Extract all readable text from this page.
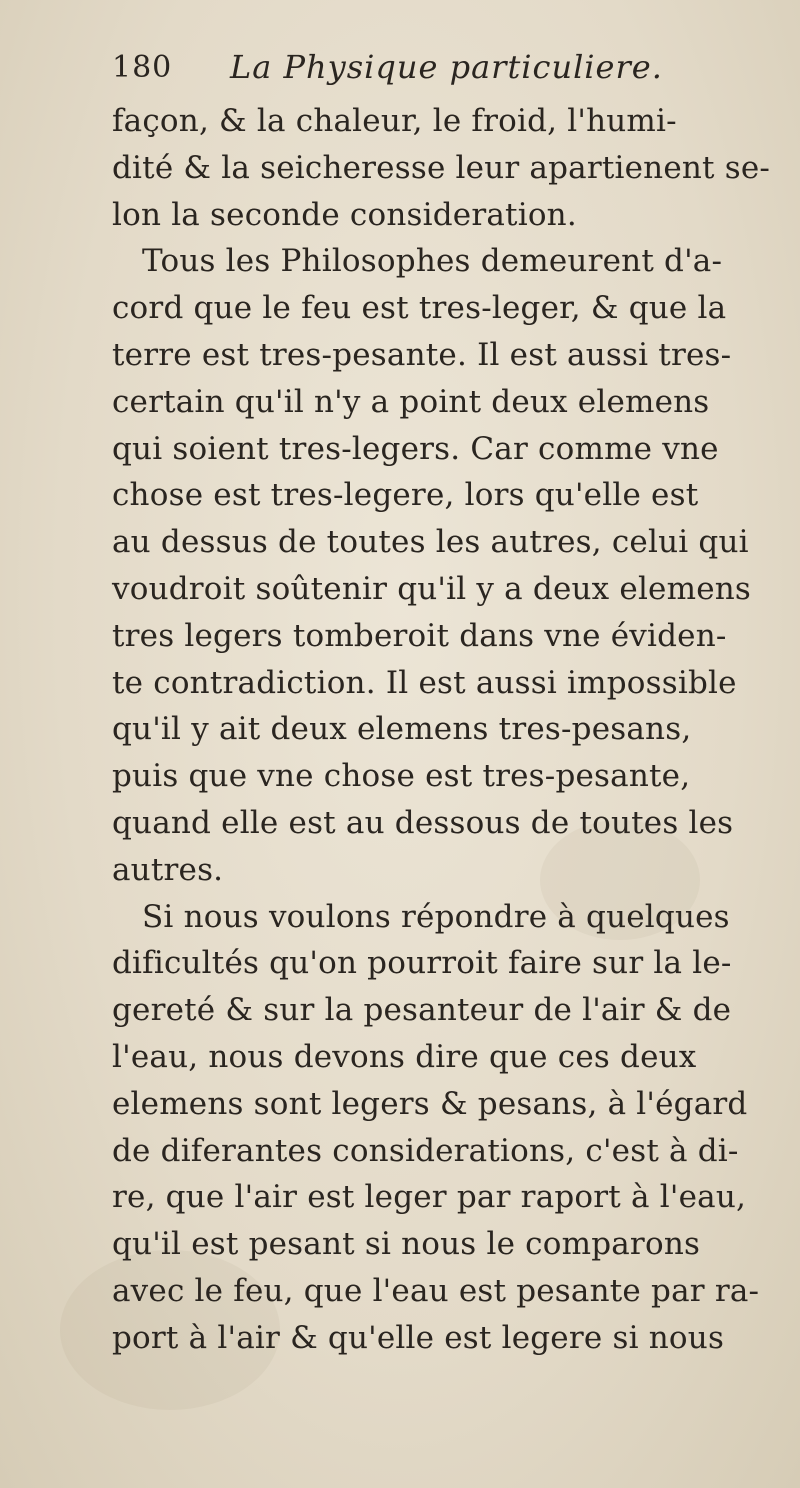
180 La Physique particuliere.
façon, & la chaleur, le froid, l'humi-
dité & la seicheresse leur apartienent se-
lon la seconde consideration.
Tous les Philosophes demeurent d'a-
cord que le feu est tres-leger, & que la
terre est tres-pesante. Il est aussi tres-
certain qu'il n'y a point deux elemens
qui soient tres-legers. Car comme vne
chose est tres-legere, lors qu'elle est
au dessus de toutes les autres, celui qui
voudroit soûtenir qu'il y a deux elemens
tres legers tomberoit dans vne éviden-
te contradiction. Il est aussi impossible
qu'il y ait deux elemens tres-pesans,
puis que vne chose est tres-pesante,
quand elle est au dessous de toutes les
autres.
Si nous voulons répondre à quelques
dificultés qu'on pourroit faire sur la le-
gereté & sur la pesanteur de l'air & de
l'eau, nous devons dire que ces deux
elemens sont legers & pesans, à l'égard
de diferantes considerations, c'est à di-
re, que l'air est leger par raport à l'eau,
qu'il est pesant si nous le comparons
avec le feu, que l'eau est pesante par ra-
port à l'air & qu'elle est legere si nous
